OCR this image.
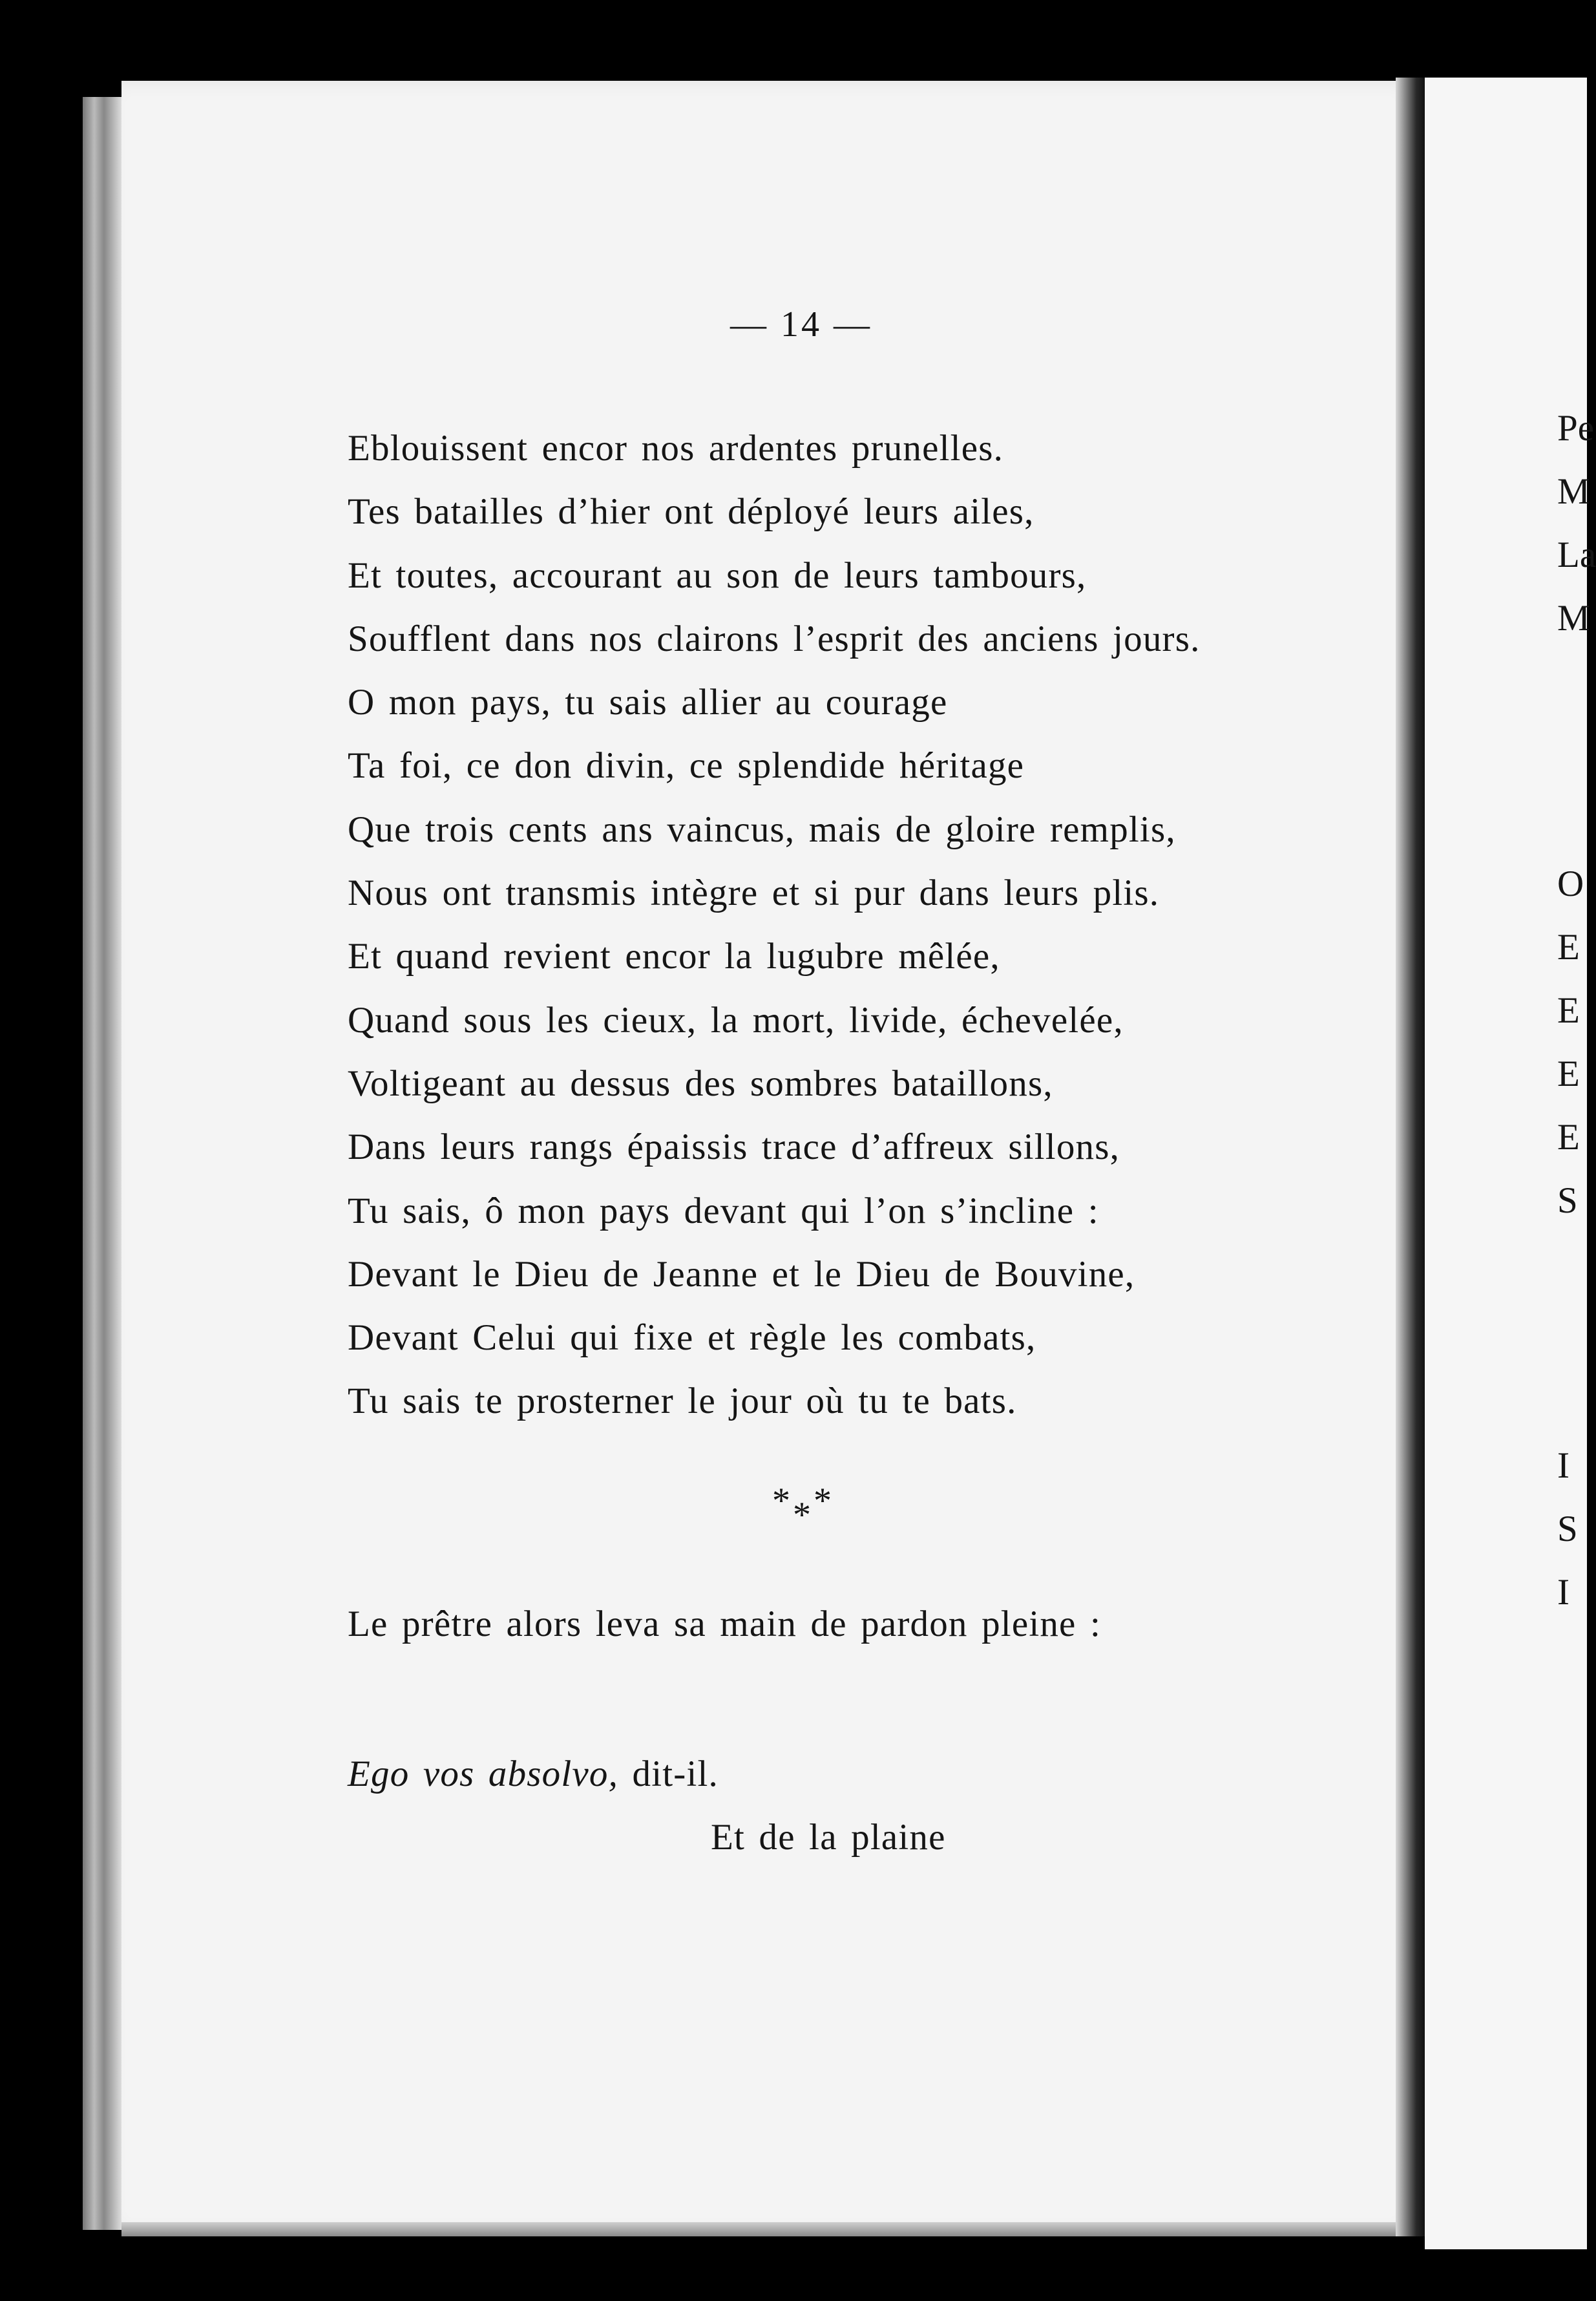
— 14 —
Eblouissent encor nos ardentes prunelles.
Tes batailles d’hier ont déployé leurs ailes,
Et toutes, accourant au son de leurs tambours,
Soufflent dans nos clairons l’esprit des anciens jours.
O mon pays, tu sais allier au courage
Ta foi, ce don divin, ce splendide héritage
Que trois cents ans vaincus, mais de gloire remplis,
Nous ont transmis intègre et si pur dans leurs plis.
Et quand revient encor la lugubre mêlée,
Quand sous les cieux, la mort, livide, échevelée,
Voltigeant au dessus des sombres bataillons,
Dans leurs rangs épaissis trace d’affreux sillons,
Tu sais, ô mon pays devant qui l’on s’incline :
Devant le Dieu de Jeanne et le Dieu de Bouvine,
Devant Celui qui fixe et règle les combats,
Tu sais te prosterner le jour où tu te bats.
* * *
Le prêtre alors leva sa main de pardon pleine :
Ego vos absolvo, dit-il.
Et de la plaine
Pe
M
La
M
O
E
E
E
E
S
I
S
I
